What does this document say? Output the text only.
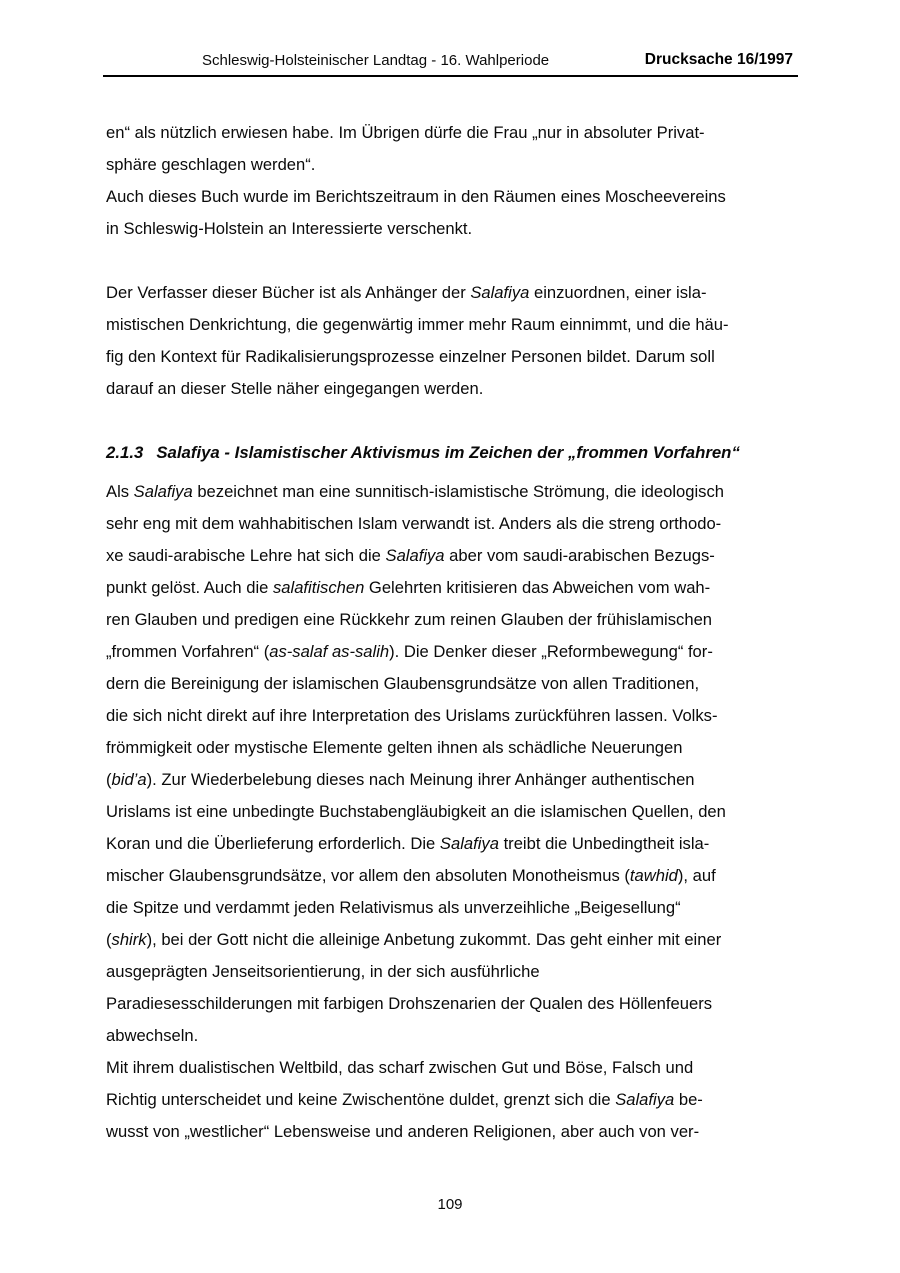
Schleswig-Holsteinischer Landtag - 16. Wahlperiode	Drucksache 16/1997
en“ als nützlich erwiesen habe. Im Übrigen dürfe die Frau „nur in absoluter Privat-
sphäre geschlagen werden“.
Auch dieses Buch wurde im Berichtszeitraum in den Räumen eines Moscheevereins
in Schleswig-Holstein an Interessierte verschenkt.
Der Verfasser dieser Bücher ist als Anhänger der Salafiya einzuordnen, einer isla-
mistischen Denkrichtung, die gegenwärtig immer mehr Raum einnimmt, und die häu-
fig den Kontext für Radikalisierungsprozesse einzelner Personen bildet. Darum soll
darauf an dieser Stelle näher eingegangen werden.
2.1.3 Salafiya - Islamistischer Aktivismus im Zeichen der „frommen Vorfahren“
Als Salafiya bezeichnet man eine sunnitisch-islamistische Strömung, die ideologisch
sehr eng mit dem wahhabitischen Islam verwandt ist. Anders als die streng orthodo-
xe saudi-arabische Lehre hat sich die Salafiya aber vom saudi-arabischen Bezugs-
punkt gelöst. Auch die salafitischen Gelehrten kritisieren das Abweichen vom wah-
ren Glauben und predigen eine Rückkehr zum reinen Glauben der frühislamischen
„frommen Vorfahren“ (as-salaf as-salih). Die Denker dieser „Reformbewegung“ for-
dern die Bereinigung der islamischen Glaubensgrundsätze von allen Traditionen,
die sich nicht direkt auf ihre Interpretation des Urislams zurückführen lassen. Volks-
frömmigkeit oder mystische Elemente gelten ihnen als schädliche Neuerungen
(bid’a). Zur Wiederbelebung dieses nach Meinung ihrer Anhänger authentischen
Urislams ist eine unbedingte Buchstabengläubigkeit an die islamischen Quellen, den
Koran und die Überlieferung erforderlich. Die Salafiya treibt die Unbedingtheit isla-
mischer Glaubensgrundsätze, vor allem den absoluten Monotheismus (tawhid), auf
die Spitze und verdammt jeden Relativismus als unverzeihliche „Beigesellung“
(shirk), bei der Gott nicht die alleinige Anbetung zukommt. Das geht einher mit einer
ausgeprägten Jenseitsorientierung, in der sich ausführliche
Paradiesesschilderungen mit farbigen Drohszenarien der Qualen des Höllenfeuers
abwechseln.
Mit ihrem dualistischen Weltbild, das scharf zwischen Gut und Böse, Falsch und
Richtig unterscheidet und keine Zwischentöne duldet, grenzt sich die Salafiya be-
wusst von „westlicher“ Lebensweise und anderen Religionen, aber auch von ver-
109
